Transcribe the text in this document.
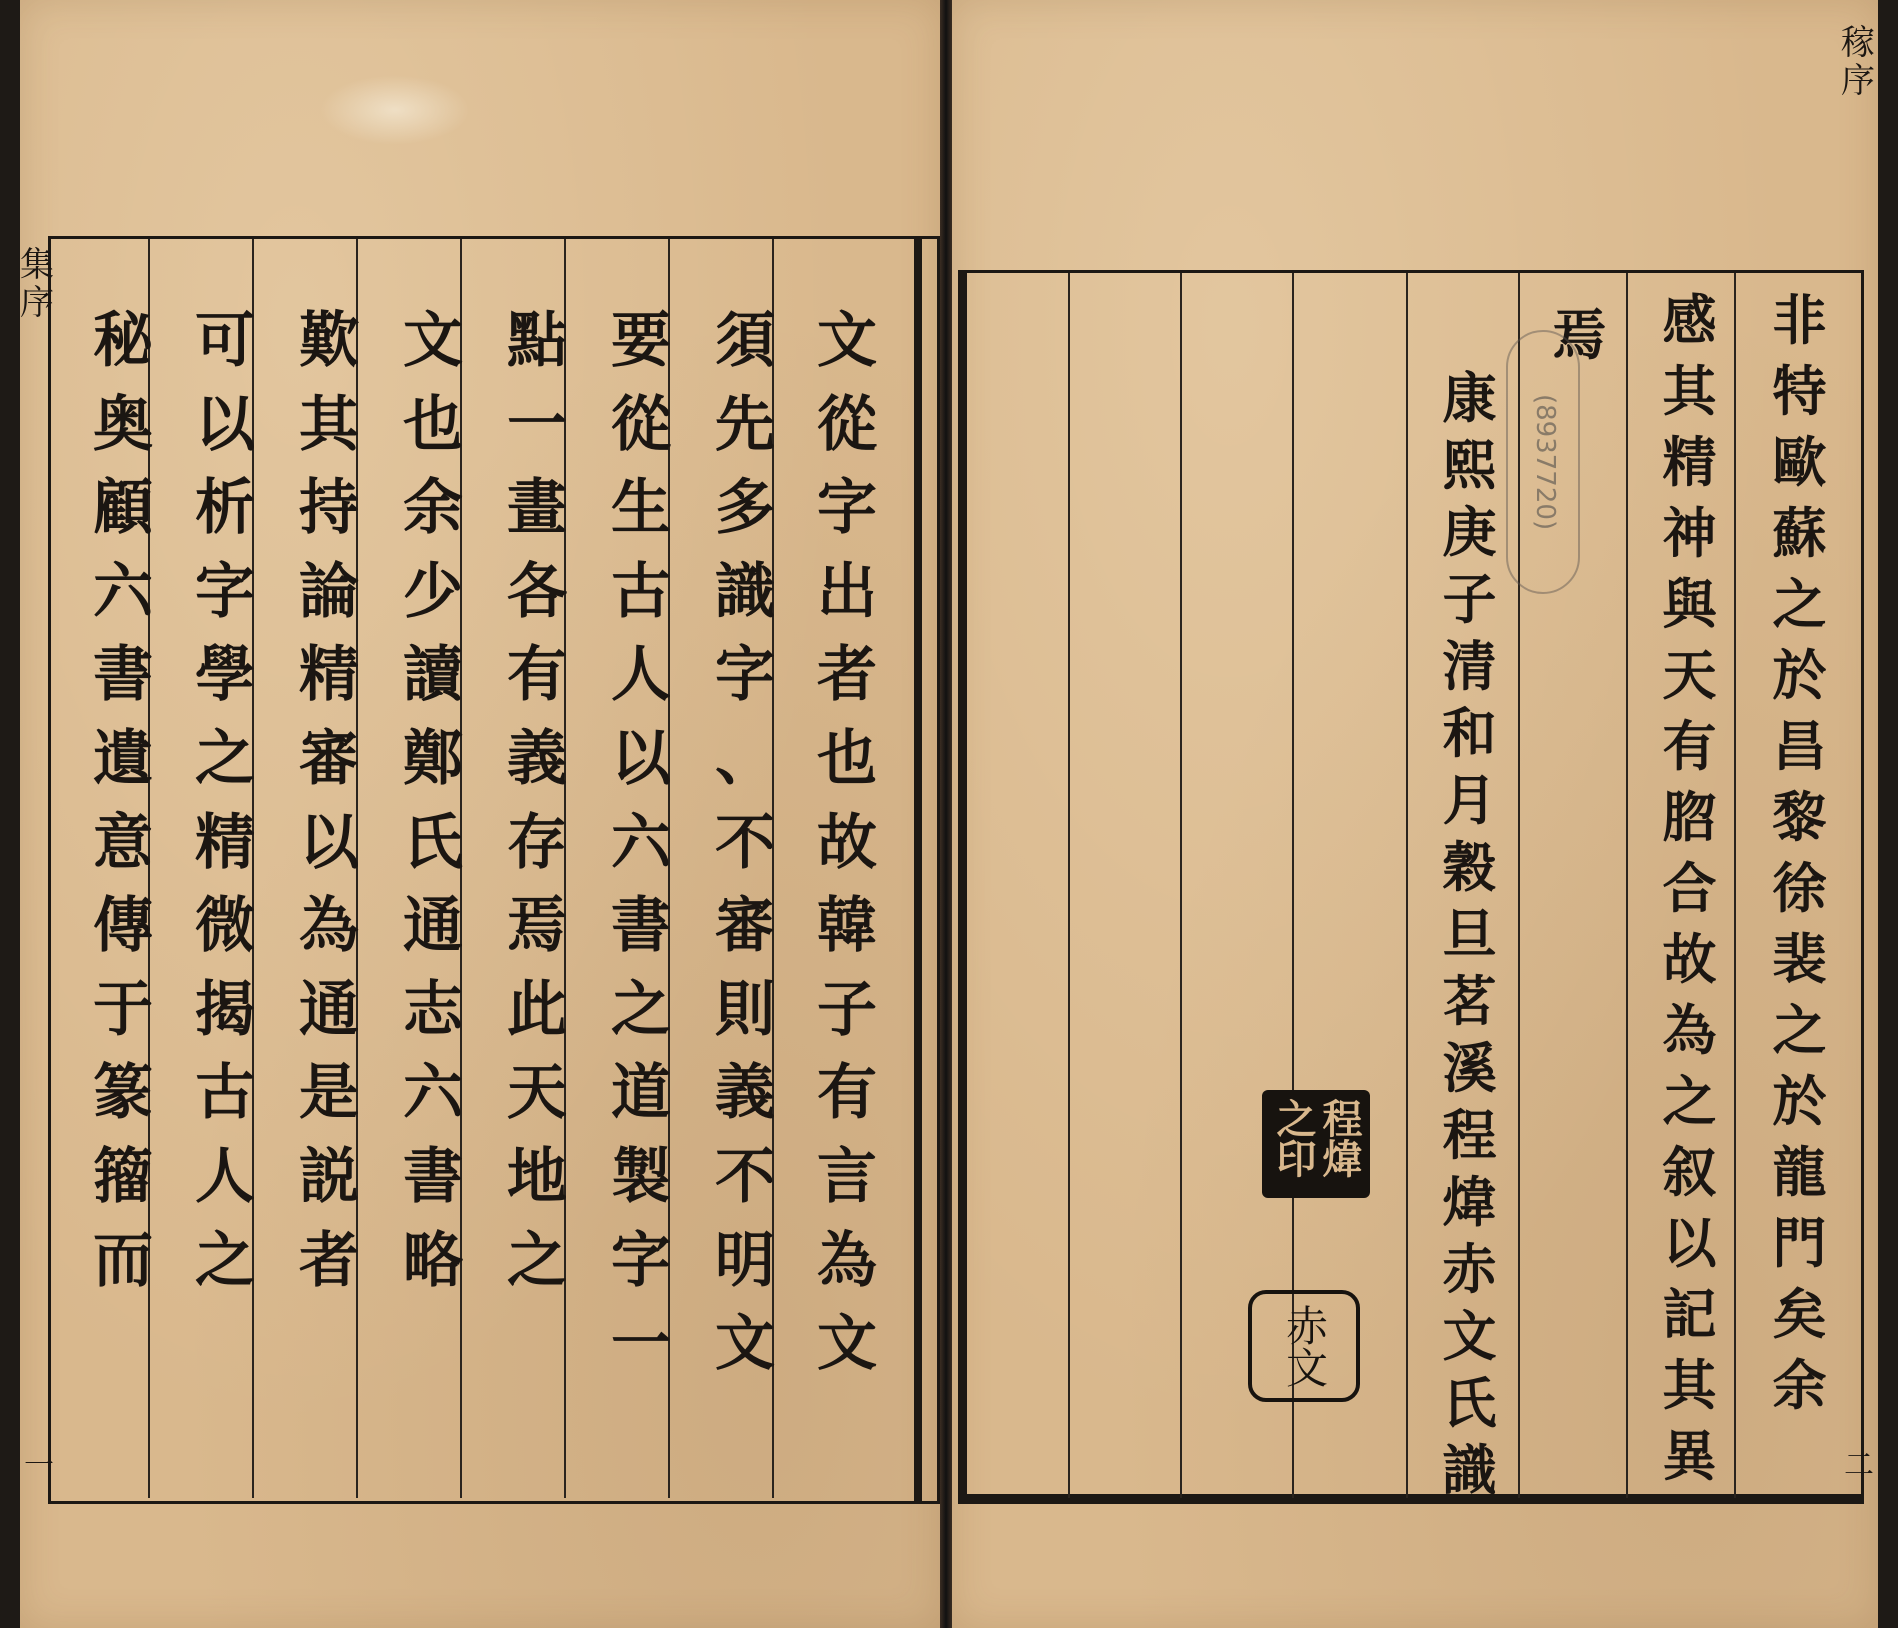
文
從
字
出
者
也
故
韓
子
有
言
為
文
須
先
多
識
字
、
不
審
則
義
不
明
文
要
從
生
古
人
以
六
書
之
道
製
字
一
點
一
畫
各
有
義
存
焉
此
天
地
之
文
也
余
少
讀
鄭
氏
通
志
六
書
略
歎
其
持
論
精
審
以
為
通
是
説
者
可
以
析
字
學
之
精
微
揭
古
人
之
秘
奥
顧
六
書
遺
意
傳
于
篆
籀
而
集
序
一
非
特
歐
蘇
之
於
昌
黎
徐
裴
之
於
龍
門
矣
余
感
其
精
神
與
天
有
脗
合
故
為
之
叙
以
記
其
異
焉
康
熙
庚
子
清
和
月
穀
旦
茗
溪
程
煒
赤
文
氏
識
(8937720)
程煒之印
赤文
稼
序
二
